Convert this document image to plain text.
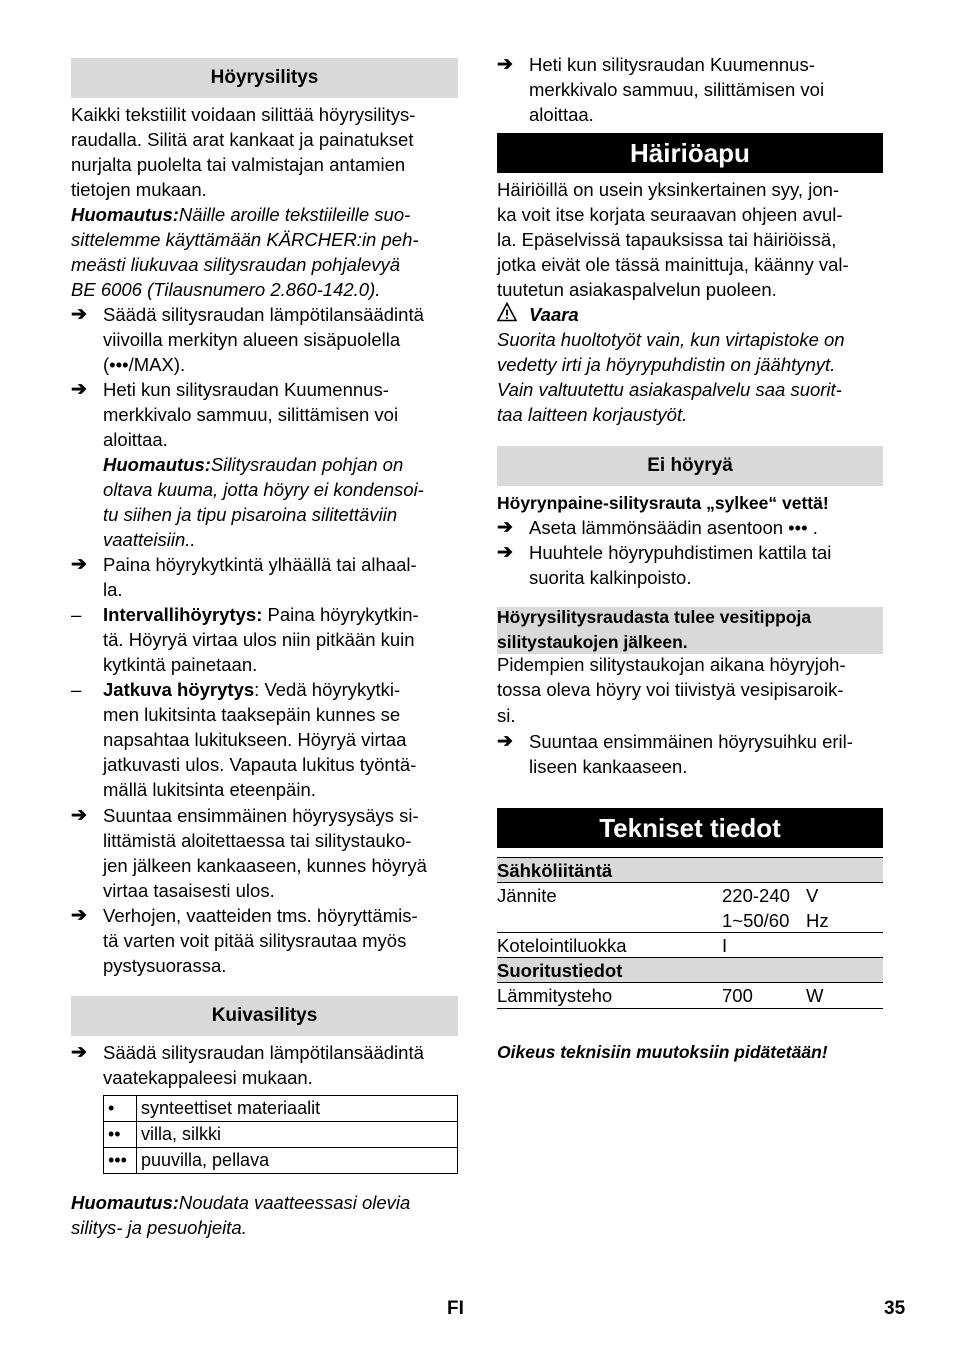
Höyrysilitys
Kaikki tekstiilit voidaan silittää höyrysilitys-
raudalla. Silitä arat kankaat ja painatukset
nurjalta puolelta tai valmistajan antamien
tietojen mukaan.
Huomautus:Näille aroille tekstiileille suo-
sittelemme käyttämään KÄRCHER:in peh-
meästi liukuvaa silitysraudan pohjalevyä
BE 6006 (Tilausnumero 2.860-142.0).
➔ Säädä silitysraudan lämpötilansäädintä
viivoilla merkityn alueen sisäpuolella
(•••/MAX).
➔ Heti kun silitysraudan Kuumennus-
merkkivalo sammuu, silittämisen voi
aloittaa.
Huomautus:Silitysraudan pohjan on
oltava kuuma, jotta höyry ei kondensoi-
tu siihen ja tipu pisaroina silitettäviin
vaatteisiin..
➔ Paina höyrykytkintä ylhäällä tai alhaal-
la.
–	Intervallihöyrytys: Paina höyrykytkin-
tä. Höyryä virtaa ulos niin pitkään kuin
kytkintä painetaan.
–	Jatkuva höyrytys: Vedä höyrykytki-
men lukitsinta taaksepäin kunnes se
napsahtaa lukitukseen. Höyryä virtaa
jatkuvasti ulos. Vapauta lukitus työntä-
mällä lukitsinta eteenpäin.
➔ Suuntaa ensimmäinen höyrysysäys si-
littämistä aloitettaessa tai silitystauko-
jen jälkeen kankaaseen, kunnes höyryä
virtaa tasaisesti ulos.
➔ Verhojen, vaatteiden tms. höyryttämis-
tä varten voit pitää silitysrautaa myös
pystysuorassa.
Kuivasilitys
➔ Säädä silitysraudan lämpötilansäädintä
vaatekappaleesi mukaan.
•	synteettiset materiaalit
••	villa, silkki
•••	puuvilla, pellava
Huomautus:Noudata vaatteessasi olevia
silitys- ja pesuohjeita.
➔ Heti kun silitysraudan Kuumennus-
merkkivalo sammuu, silittämisen voi
aloittaa.
Häiriöapu
Häiriöillä on usein yksinkertainen syy, jon-
ka voit itse korjata seuraavan ohjeen avul-
la. Epäselvissä tapauksissa tai häiriöissä,
jotka eivät ole tässä mainittuja, käänny val-
tuutetun asiakaspalvelun puoleen.
Vaara
Suorita huoltotyöt vain, kun virtapistoke on
vedetty irti ja höyrypuhdistin on jäähtynyt.
Vain valtuutettu asiakaspalvelu saa suorit-
taa laitteen korjaustyöt.
Ei höyryä
Höyrynpaine-silitysrauta „sylkee“ vettä!
➔ Aseta lämmönsäädin asentoon ••• .
➔ Huuhtele höyrypuhdistimen kattila tai
suorita kalkinpoisto.
Höyrysilitysraudasta tulee vesitippoja
silitystaukojen jälkeen.
Pidempien silitystaukojan aikana höyryjoh-
tossa oleva höyry voi tiivistyä vesipisaroik-
si.
➔ Suuntaa ensimmäinen höyrysuihku eril-
liseen kankaaseen.
Tekniset tiedot
Sähköliitäntä
Jännite	220-240 V
1~50/60 Hz
Kotelointiluokka	I
Suoritustiedot
Lämmitysteho	700	W
Oikeus teknisiin muutoksiin pidätetään!
FI	35
